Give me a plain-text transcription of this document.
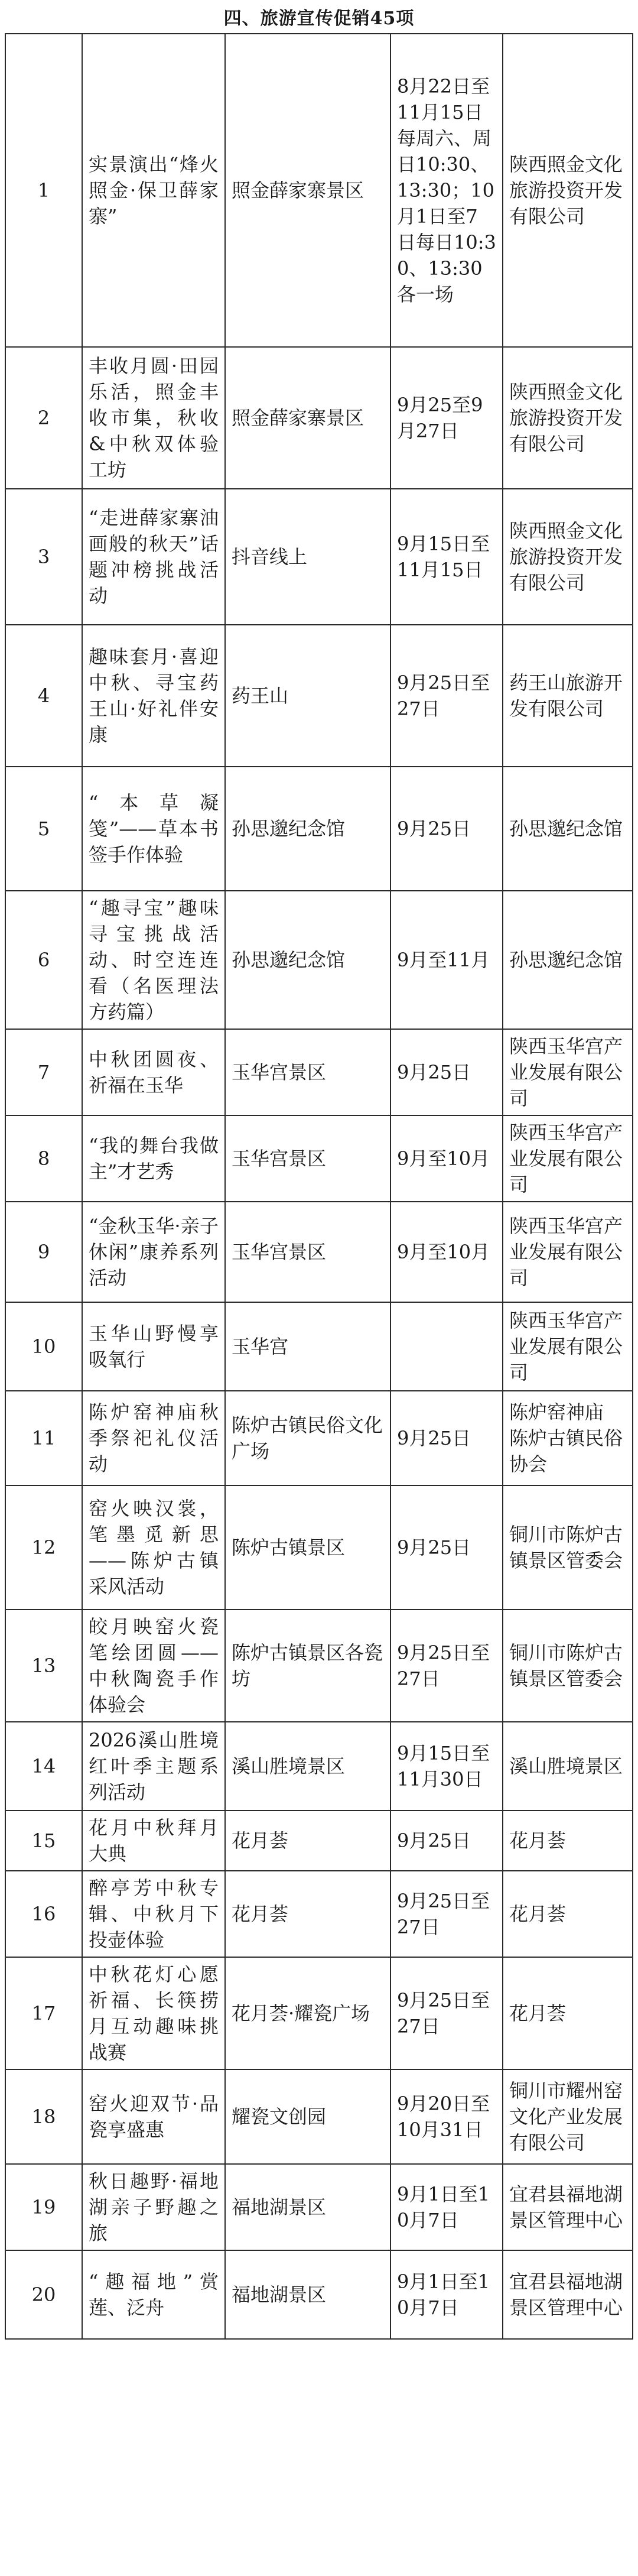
四、旅游宣传促销45项
1	实景演出“烽火照金·保卫薛家寨”	照金薛家寨景区	8月22日至11月15日每周六、周日10:30、13:30；10月1日至7日每日10:30、13:30各一场	陕西照金文化旅游投资开发有限公司
2	丰收月圆·田园乐活，照金丰收市集，秋收&中秋双体验工坊	照金薛家寨景区	9月25至9月27日	陕西照金文化旅游投资开发有限公司
3	“走进薛家寨油画般的秋天”话题冲榜挑战活动	抖音线上	9月15日至11月15日	陕西照金文化旅游投资开发有限公司
4	趣味套月·喜迎中秋、寻宝药王山·好礼伴安康	药王山	9月25日至27日	药王山旅游开发有限公司
5	“本草凝笺”——草本书签手作体验	孙思邈纪念馆	9月25日	孙思邈纪念馆
6	“趣寻宝”趣味寻宝挑战活动、时空连连看（名医理法方药篇）	孙思邈纪念馆	9月至11月	孙思邈纪念馆
7	中秋团圆夜、祈福在玉华	玉华宫景区	9月25日	陕西玉华宫产业发展有限公司
8	“我的舞台我做主”才艺秀	玉华宫景区	9月至10月	陕西玉华宫产业发展有限公司
9	“金秋玉华·亲子休闲”康养系列活动	玉华宫景区	9月至10月	陕西玉华宫产业发展有限公司
10	玉华山野慢享吸氧行	玉华宫		陕西玉华宫产业发展有限公司
11	陈炉窑神庙秋季祭祀礼仪活动	陈炉古镇民俗文化广场	9月25日	陈炉窑神庙 陈炉古镇民俗协会
12	窑火映汉裳，笔墨觅新思——陈炉古镇采风活动	陈炉古镇景区	9月25日	铜川市陈炉古镇景区管委会
13	皎月映窑火瓷笔绘团圆——中秋陶瓷手作体验会	陈炉古镇景区各瓷坊	9月25日至27日	铜川市陈炉古镇景区管委会
14	2026溪山胜境红叶季主题系列活动	溪山胜境景区	9月15日至11月30日	溪山胜境景区
15	花月中秋拜月大典	花月荟	9月25日	花月荟
16	醉亭芳中秋专辑、中秋月下投壶体验	花月荟	9月25日至27日	花月荟
17	中秋花灯心愿祈福、长筷捞月互动趣味挑战赛	花月荟·耀瓷广场	9月25日至27日	花月荟
18	窑火迎双节·品瓷享盛惠	耀瓷文创园	9月20日至10月31日	铜川市耀州窑文化产业发展有限公司
19	秋日趣野·福地湖亲子野趣之旅	福地湖景区	9月1日至10月7日	宜君县福地湖景区管理中心
20	“趣福地”赏莲、泛舟	福地湖景区	9月1日至10月7日	宜君县福地湖景区管理中心
